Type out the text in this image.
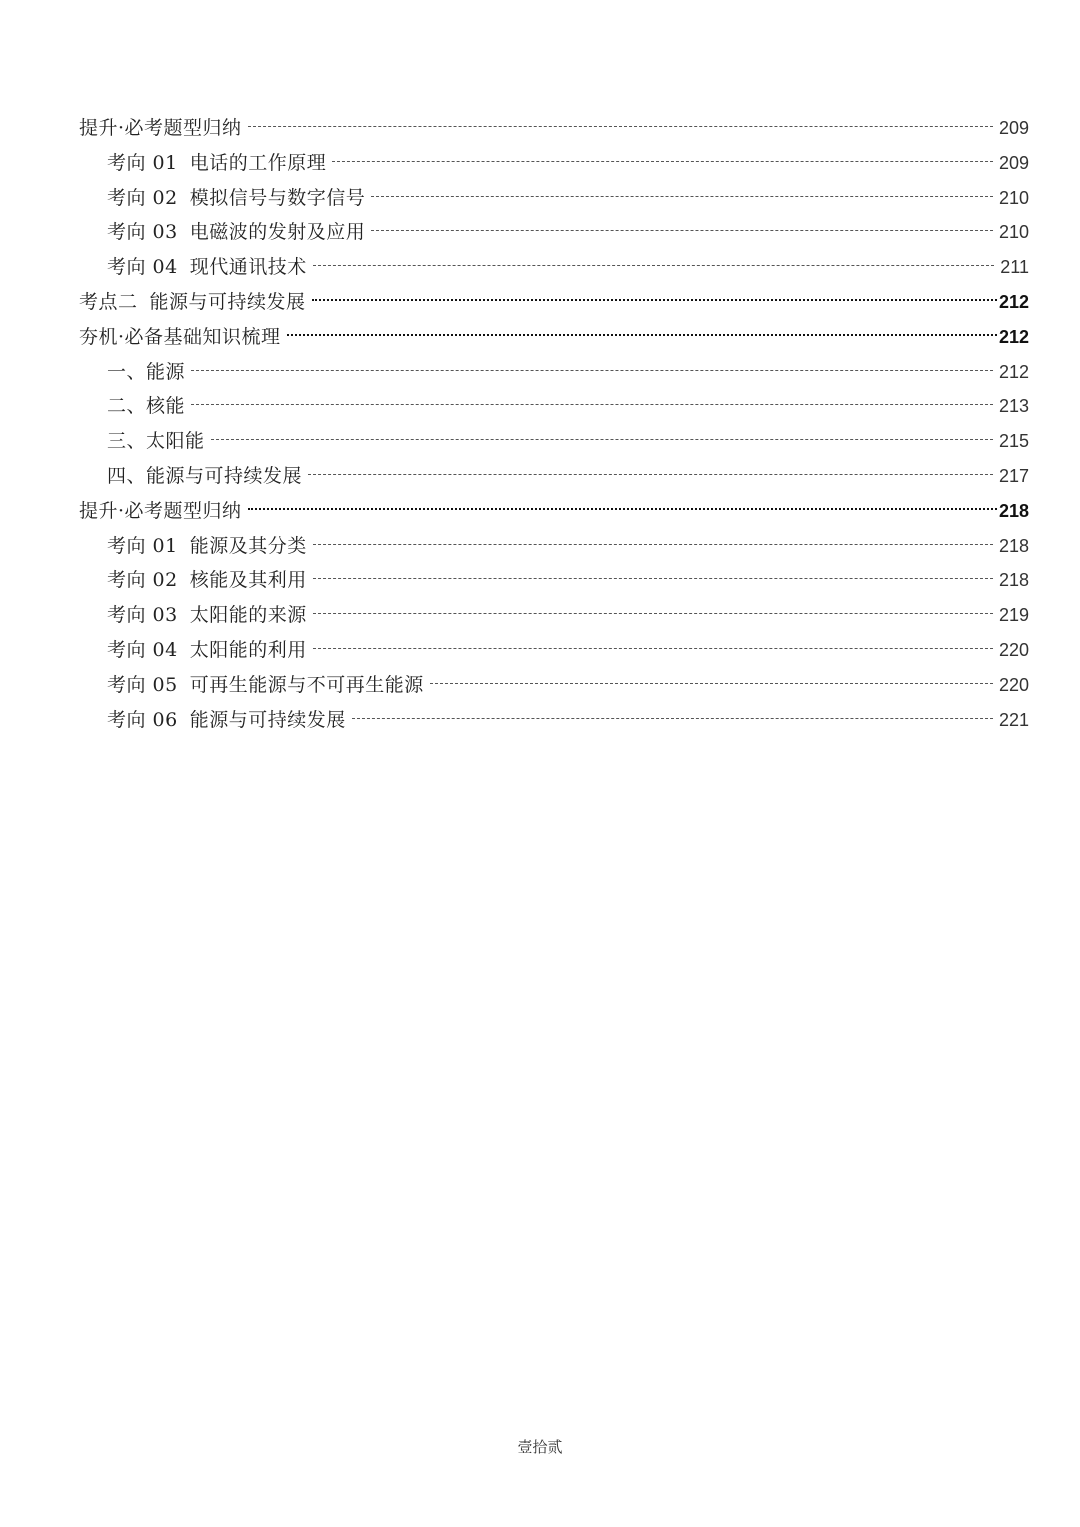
提升·必考题型归纳	209
考向 01 电话的工作原理	209
考向 02 模拟信号与数字信号	210
考向 03 电磁波的发射及应用	210
考向 04 现代通讯技术	211
考点二 能源与可持续发展	212
夯机·必备基础知识梳理	212
一、能源	212
二、核能	213
三、太阳能	215
四、能源与可持续发展	217
提升·必考题型归纳	218
考向 01 能源及其分类	218
考向 02 核能及其利用	218
考向 03 太阳能的来源	219
考向 04 太阳能的利用	220
考向 05 可再生能源与不可再生能源	220
考向 06 能源与可持续发展	221
壹拾贰
